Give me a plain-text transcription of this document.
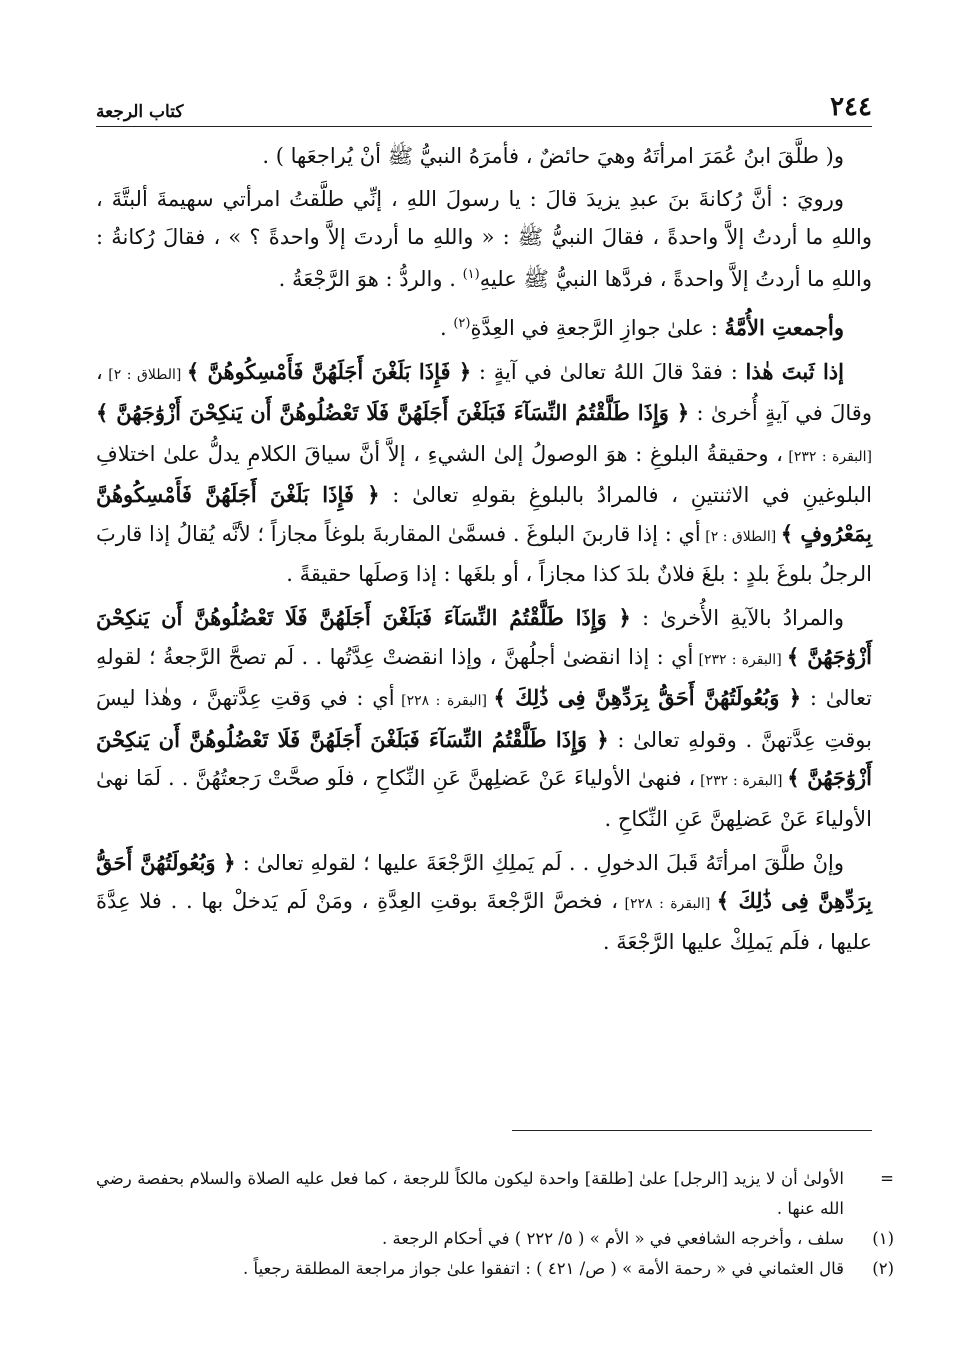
٢٤٤
كتاب الرجعة

و( طلَّقَ ابنُ عُمَرَ امرأتَهُ وهيَ حائضٌ ، فأمرَهُ النبيُّ ﷺ أنْ يُراجعَها ) .

ورويَ : أنَّ رُكانةَ بنَ عبدِ يزيدَ قالَ : يا رسولَ اللهِ ، إنِّي طلَّقتُ امرأتي سهيمةَ ألبتَّةَ ، واللهِ ما أردتُ إلاَّ واحدةً ، فقالَ النبيُّ ﷺ : « واللهِ ما أردتَ إلاَّ واحدةً ؟ » ، فقالَ رُكانةُ : واللهِ ما أردتُ إلاَّ واحدةً ، فردَّها النبيُّ ﷺ عليهِ$^{(١)}$ . والردُّ : هوَ الرَّجْعَةُ .

وأجمعتِ الأُمَّةُ : علىٰ جوازِ الرَّجعةِ في العِدَّةِ$^{(٢)}$ .

إذا ثَبتَ هٰذا : فقدْ قالَ اللهُ تعالىٰ في آيةٍ : ﴿ فَإِذَا بَلَغْنَ أَجَلَهُنَّ فَأَمْسِكُوهُنَّ ﴾ [الطلاق : ٢] ، وقالَ في آيةٍ أُخرىٰ : ﴿ وَإِذَا طَلَّقْتُمُ النِّسَآءَ فَبَلَغْنَ أَجَلَهُنَّ فَلَا تَعْضُلُوهُنَّ أَن يَنكِحْنَ أَزْوَٰجَهُنَّ ﴾ [البقرة : ٢٣٢] ، وحقيقةُ البلوغِ : هوَ الوصولُ إلىٰ الشيءِ ، إلاَّ أنَّ سياقَ الكلامِ يدلُّ علىٰ اختلافِ البلوغينِ في الاثنتينِ ، فالمرادُ بالبلوغِ بقولهِ تعالىٰ : ﴿ فَإِذَا بَلَغْنَ أَجَلَهُنَّ فَأَمْسِكُوهُنَّ بِمَعْرُوفٍ ﴾ [الطلاق : ٢] أي : إذا قاربنَ البلوغَ . فسمَّىٰ المقاربةَ بلوغاً مجازاً ؛ لأنَّه يُقالُ إذا قاربَ الرجلُ بلوغَ بلدٍ : بلغَ فلانٌ بلدَ كذا مجازاً ، أو بلغَها : إذا وَصلَها حقيقةً .

والمرادُ بالآيةِ الأُخرىٰ : ﴿ وَإِذَا طَلَّقْتُمُ النِّسَآءَ فَبَلَغْنَ أَجَلَهُنَّ فَلَا تَعْضُلُوهُنَّ أَن يَنكِحْنَ أَزْوَٰجَهُنَّ ﴾ [البقرة : ٢٣٢] أي : إذا انقضىٰ أجلُهنَّ ، وإذا انقضتْ عِدَّتُها . . لَم تصحَّ الرَّجعةُ ؛ لقولهِ تعالىٰ : ﴿ وَبُعُولَتُهُنَّ أَحَقُّ بِرَدِّهِنَّ فِى ذَٰلِكَ ﴾ [البقرة : ٢٢٨] أي : في وَقتِ عِدَّتهنَّ ، وهٰذا ليسَ بوقتِ عِدَّتهنَّ . وقولهِ تعالىٰ : ﴿ وَإِذَا طَلَّقْتُمُ النِّسَآءَ فَبَلَغْنَ أَجَلَهُنَّ فَلَا تَعْضُلُوهُنَّ أَن يَنكِحْنَ أَزْوَٰجَهُنَّ ﴾ [البقرة : ٢٣٢] ، فنهىٰ الأولياءَ عَنْ عَضلِهنَّ عَنِ النِّكاحِ ، فلَو صحَّتْ رَجعتُهُنَّ . . لَمَا نهىٰ الأولياءَ عَنْ عَضلِهنَّ عَنِ النِّكاحِ .

وإنْ طلَّقَ امرأتَهُ قَبلَ الدخولِ . . لَم يَملِكِ الرَّجْعَةَ عليها ؛ لقولهِ تعالىٰ : ﴿ وَبُعُولَتُهُنَّ أَحَقُّ بِرَدِّهِنَّ فِى ذَٰلِكَ ﴾ [البقرة : ٢٢٨] ، فخصَّ الرَّجْعةَ بوقتِ العِدَّةِ ، ومَنْ لَم يَدخلْ بها . . فلا عِدَّةَ عليها ، فلَم يَملِكْ عليها الرَّجْعَةَ .

=
الأولىٰ أن لا يزيد [الرجل] علىٰ [طلقة] واحدة ليكون مالكاً للرجعة ، كما فعل عليه الصلاة والسلام بحفصة رضي الله عنها .
(١)
سلف ، وأخرجه الشافعي في « الأم » ( ٥/ ٢٢٢ ) في أحكام الرجعة .
(٢)
قال العثماني في « رحمة الأمة » ( ص/ ٤٢١ ) : اتفقوا علىٰ جواز مراجعة المطلقة رجعياً .
